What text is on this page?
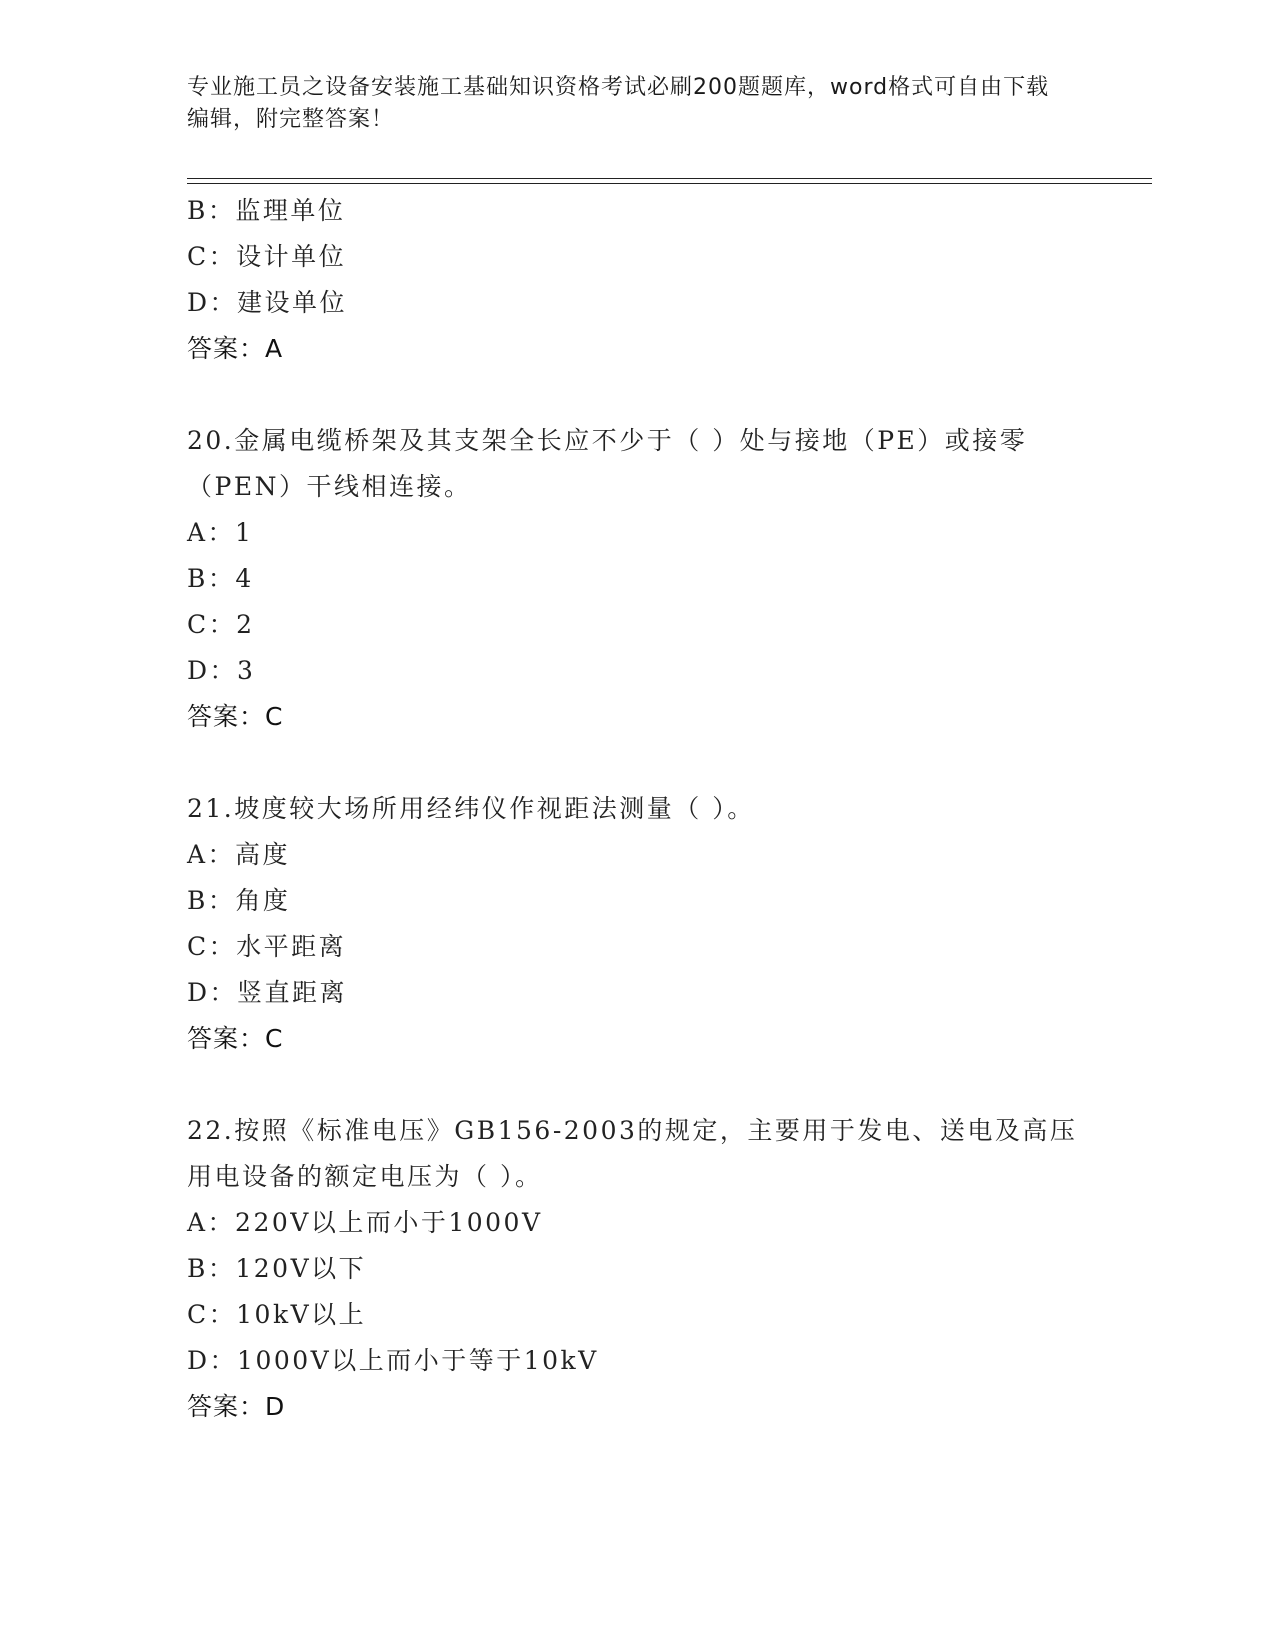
专业施工员之设备安装施工基础知识资格考试必刷200题题库，word格式可自由下载编辑，附完整答案！
B：监理单位
C：设计单位
D：建设单位
答案：A
20.金属电缆桥架及其支架全长应不少于（ ）处与接地（PE）或接零（PEN）干线相连接。
A：1
B：4
C：2
D：3
答案：C
21.坡度较大场所用经纬仪作视距法测量（ ）。
A：高度
B：角度
C：水平距离
D：竖直距离
答案：C
22.按照《标准电压》GB156-2003的规定，主要用于发电、送电及高压用电设备的额定电压为（ ）。
A：220V以上而小于1000V
B：120V以下
C：10kV以上
D：1000V以上而小于等于10kV
答案：D
